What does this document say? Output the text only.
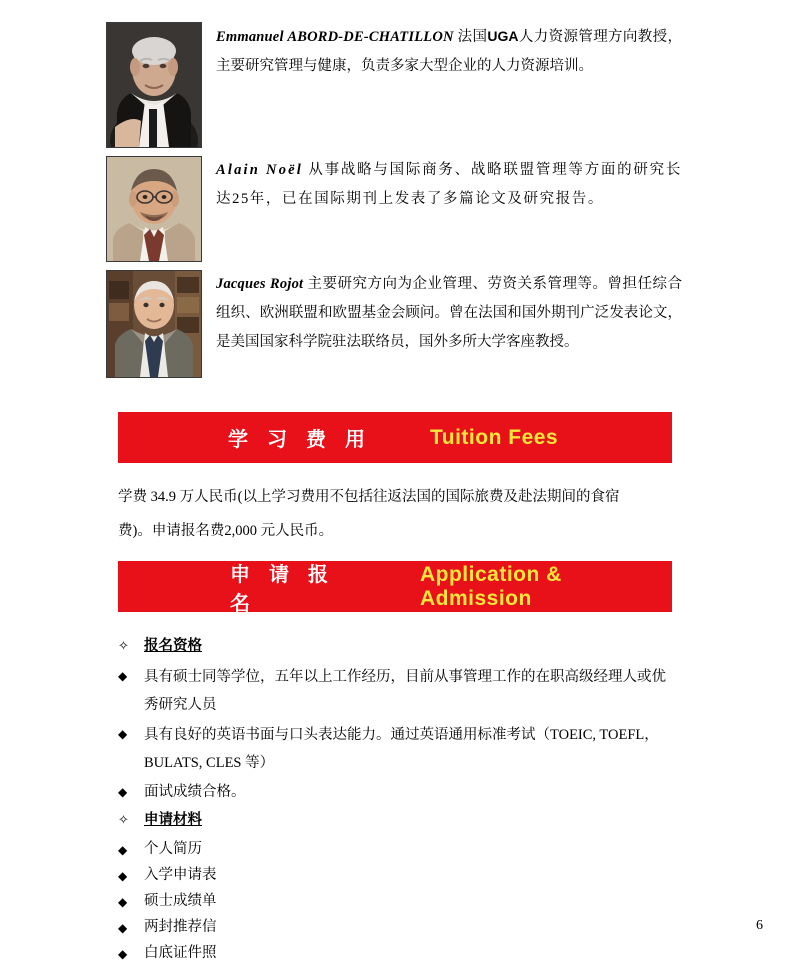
Emmanuel ABORD-DE-CHATILLON 法国UGA人力资源管理方向教授，主要研究管理与健康，负责多家大型企业的人力资源培训。
Alain Noël 从事战略与国际商务、战略联盟管理等方面的研究长达25年，已在国际期刊上发表了多篇论文及研究报告。
Jacques Rojot 主要研究方向为企业管理、劳资关系管理等。曾担任综合组织、欧洲联盟和欧盟基金会顾问。曾在法国和国外期刊广泛发表论文，是美国国家科学院驻法联络员，国外多所大学客座教授。
学 习 费 用	Tuition Fees
学费 34.9 万人民币(以上学习费用不包括往返法国的国际旅费及赴法期间的食宿
费)。申请报名费2,000 元人民币。
申 请 报 名
Application & Admission
✧	报名资格
◆	具有硕士同等学位，五年以上工作经历，目前从事管理工作的在职高级经理人或优秀研究人员
◆	具有良好的英语书面与口头表达能力。通过英语通用标准考试（TOEIC, TOEFL，BULATS, CLES 等）
◆	面试成绩合格。
✧	申请材料
◆	个人简历
◆	入学申请表
◆	硕士成绩单
◆	两封推荐信
◆	白底证件照
6
